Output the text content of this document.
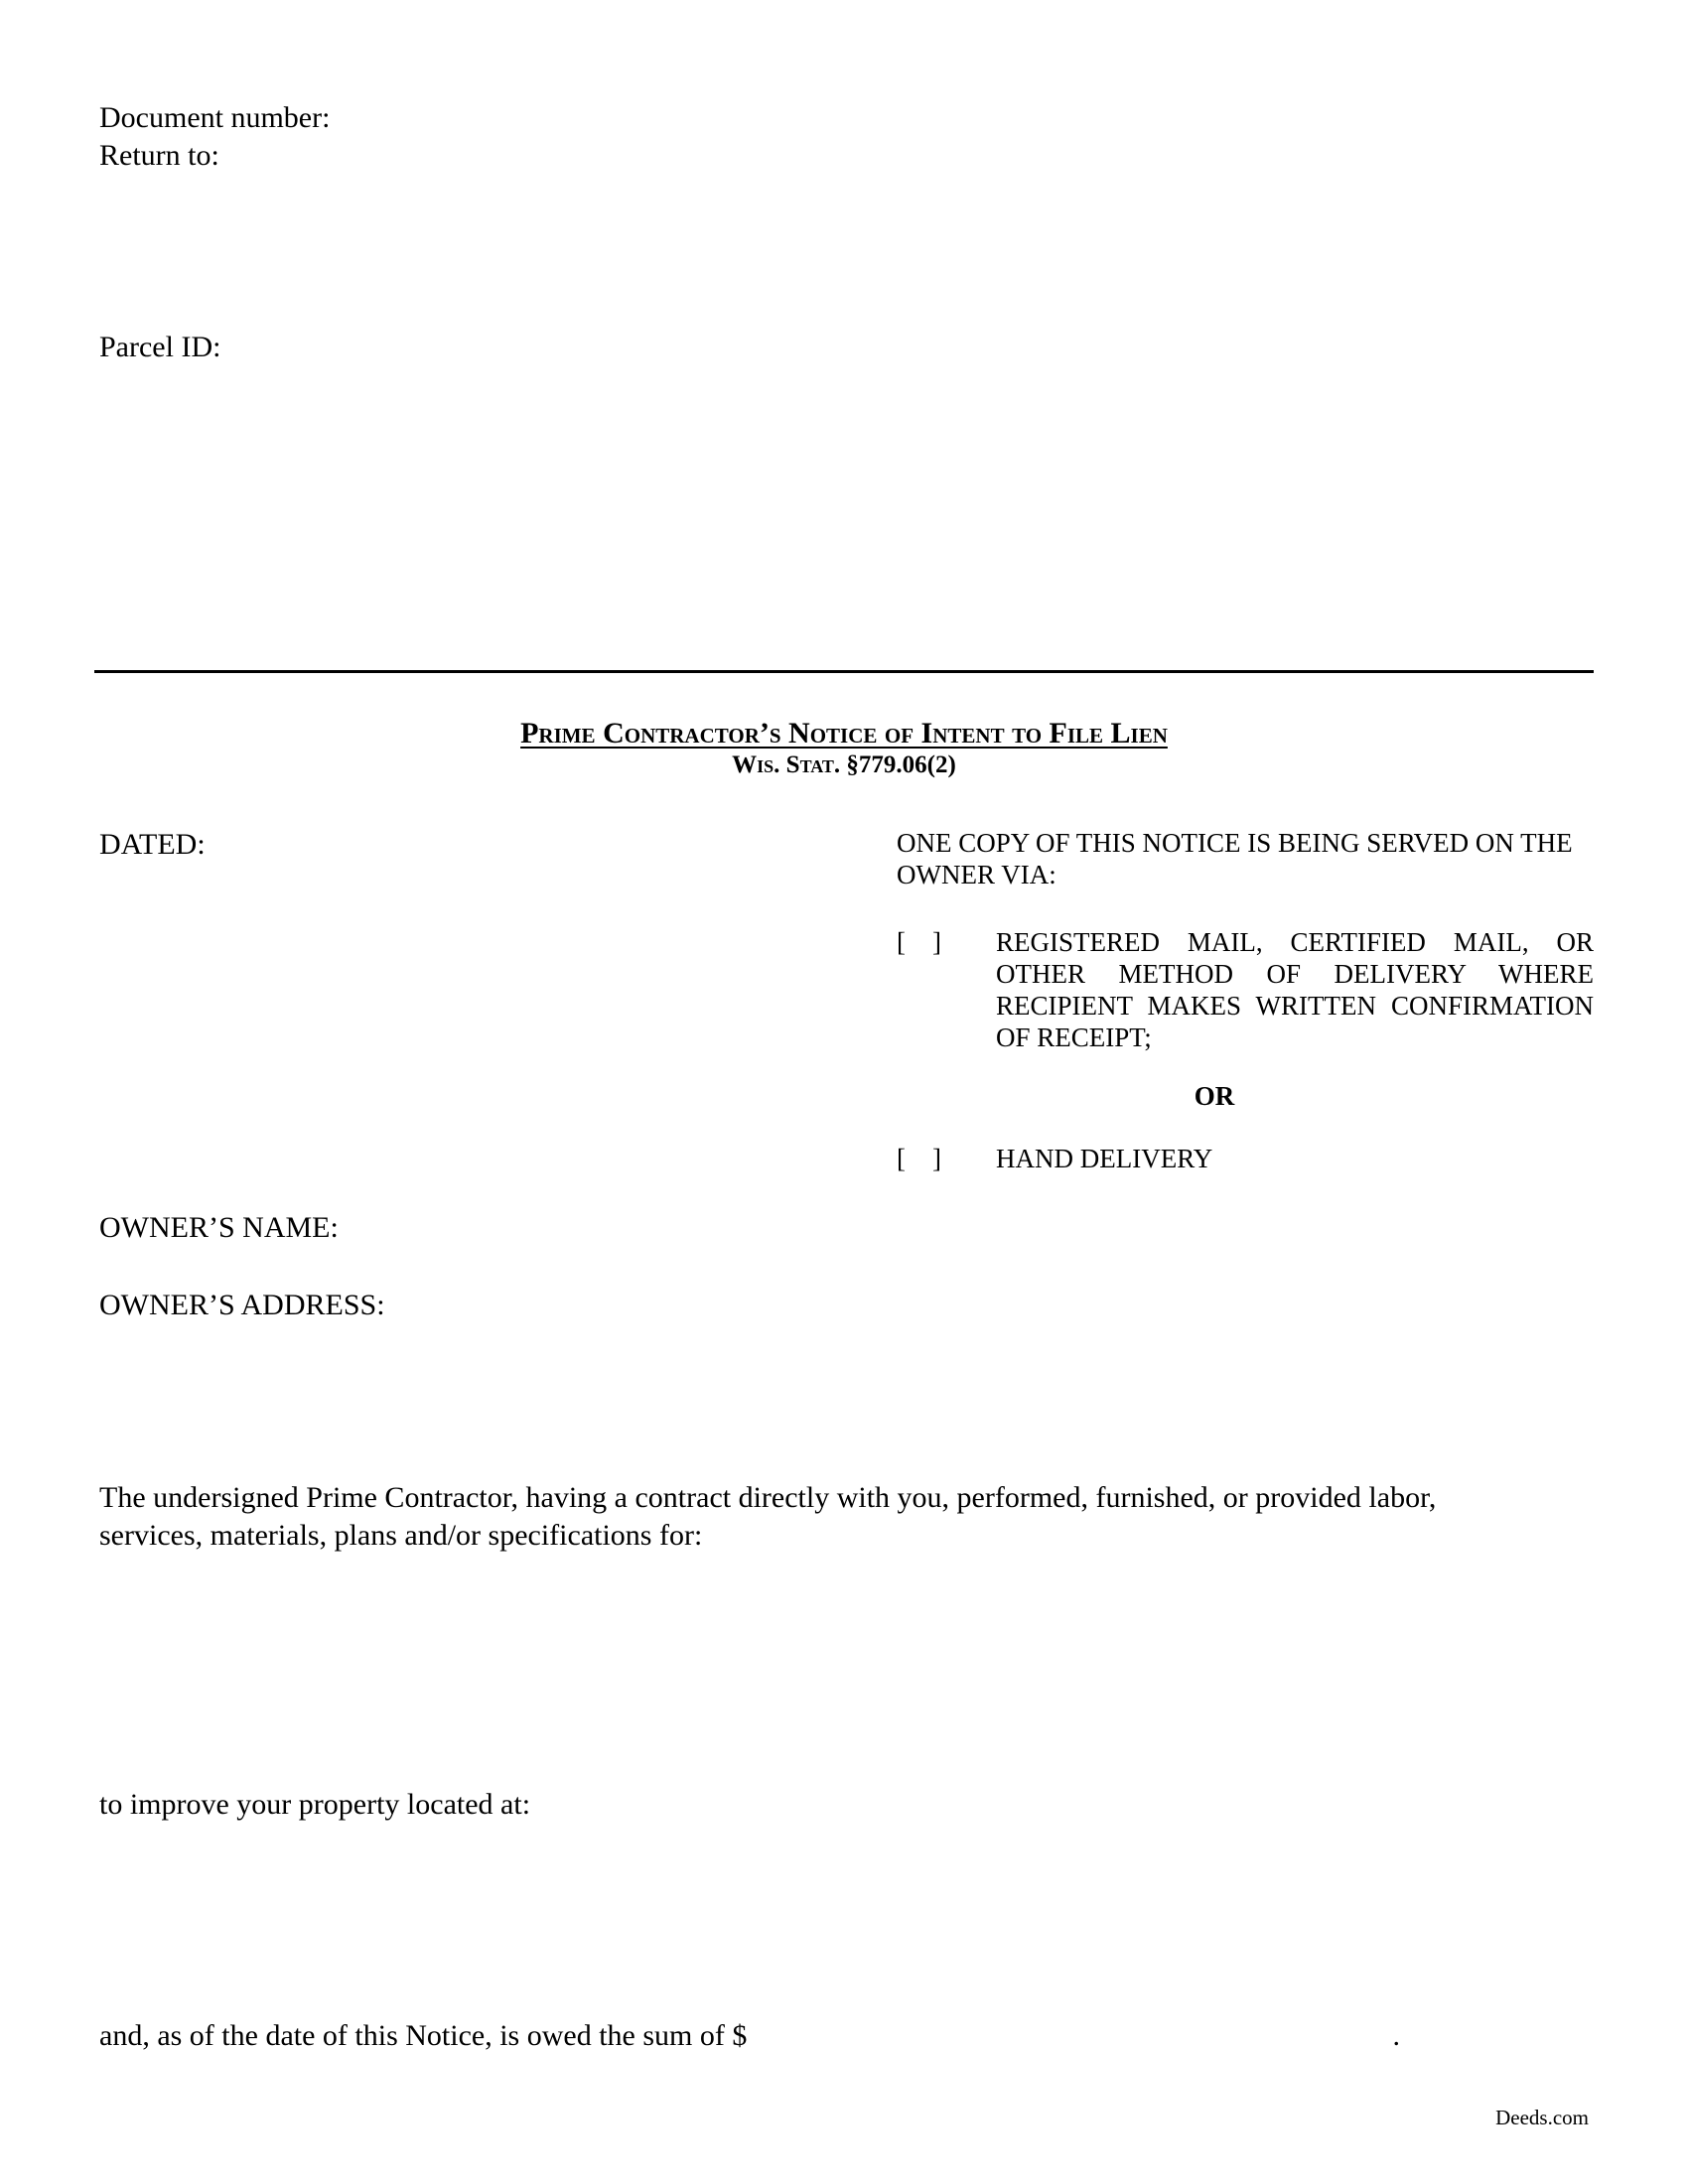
Document number:
Return to:
Parcel ID:
Prime Contractor’s Notice of Intent to File Lien
Wis. Stat. §779.06(2)
DATED:	ONE COPY OF THIS NOTICE IS BEING SERVED ON THE OWNER VIA:
[    ]	REGISTERED MAIL, CERTIFIED MAIL, OR OTHER METHOD OF DELIVERY WHERE RECIPIENT MAKES WRITTEN CONFIRMATION OF RECEIPT;
OR
[    ]	HAND DELIVERY
OWNER’S NAME:
OWNER’S ADDRESS:
The undersigned Prime Contractor, having a contract directly with you, performed, furnished, or provided labor, services, materials, plans and/or specifications for:
to improve your property located at:
and, as of the date of this Notice, is owed the sum of $	.
Deeds.com
